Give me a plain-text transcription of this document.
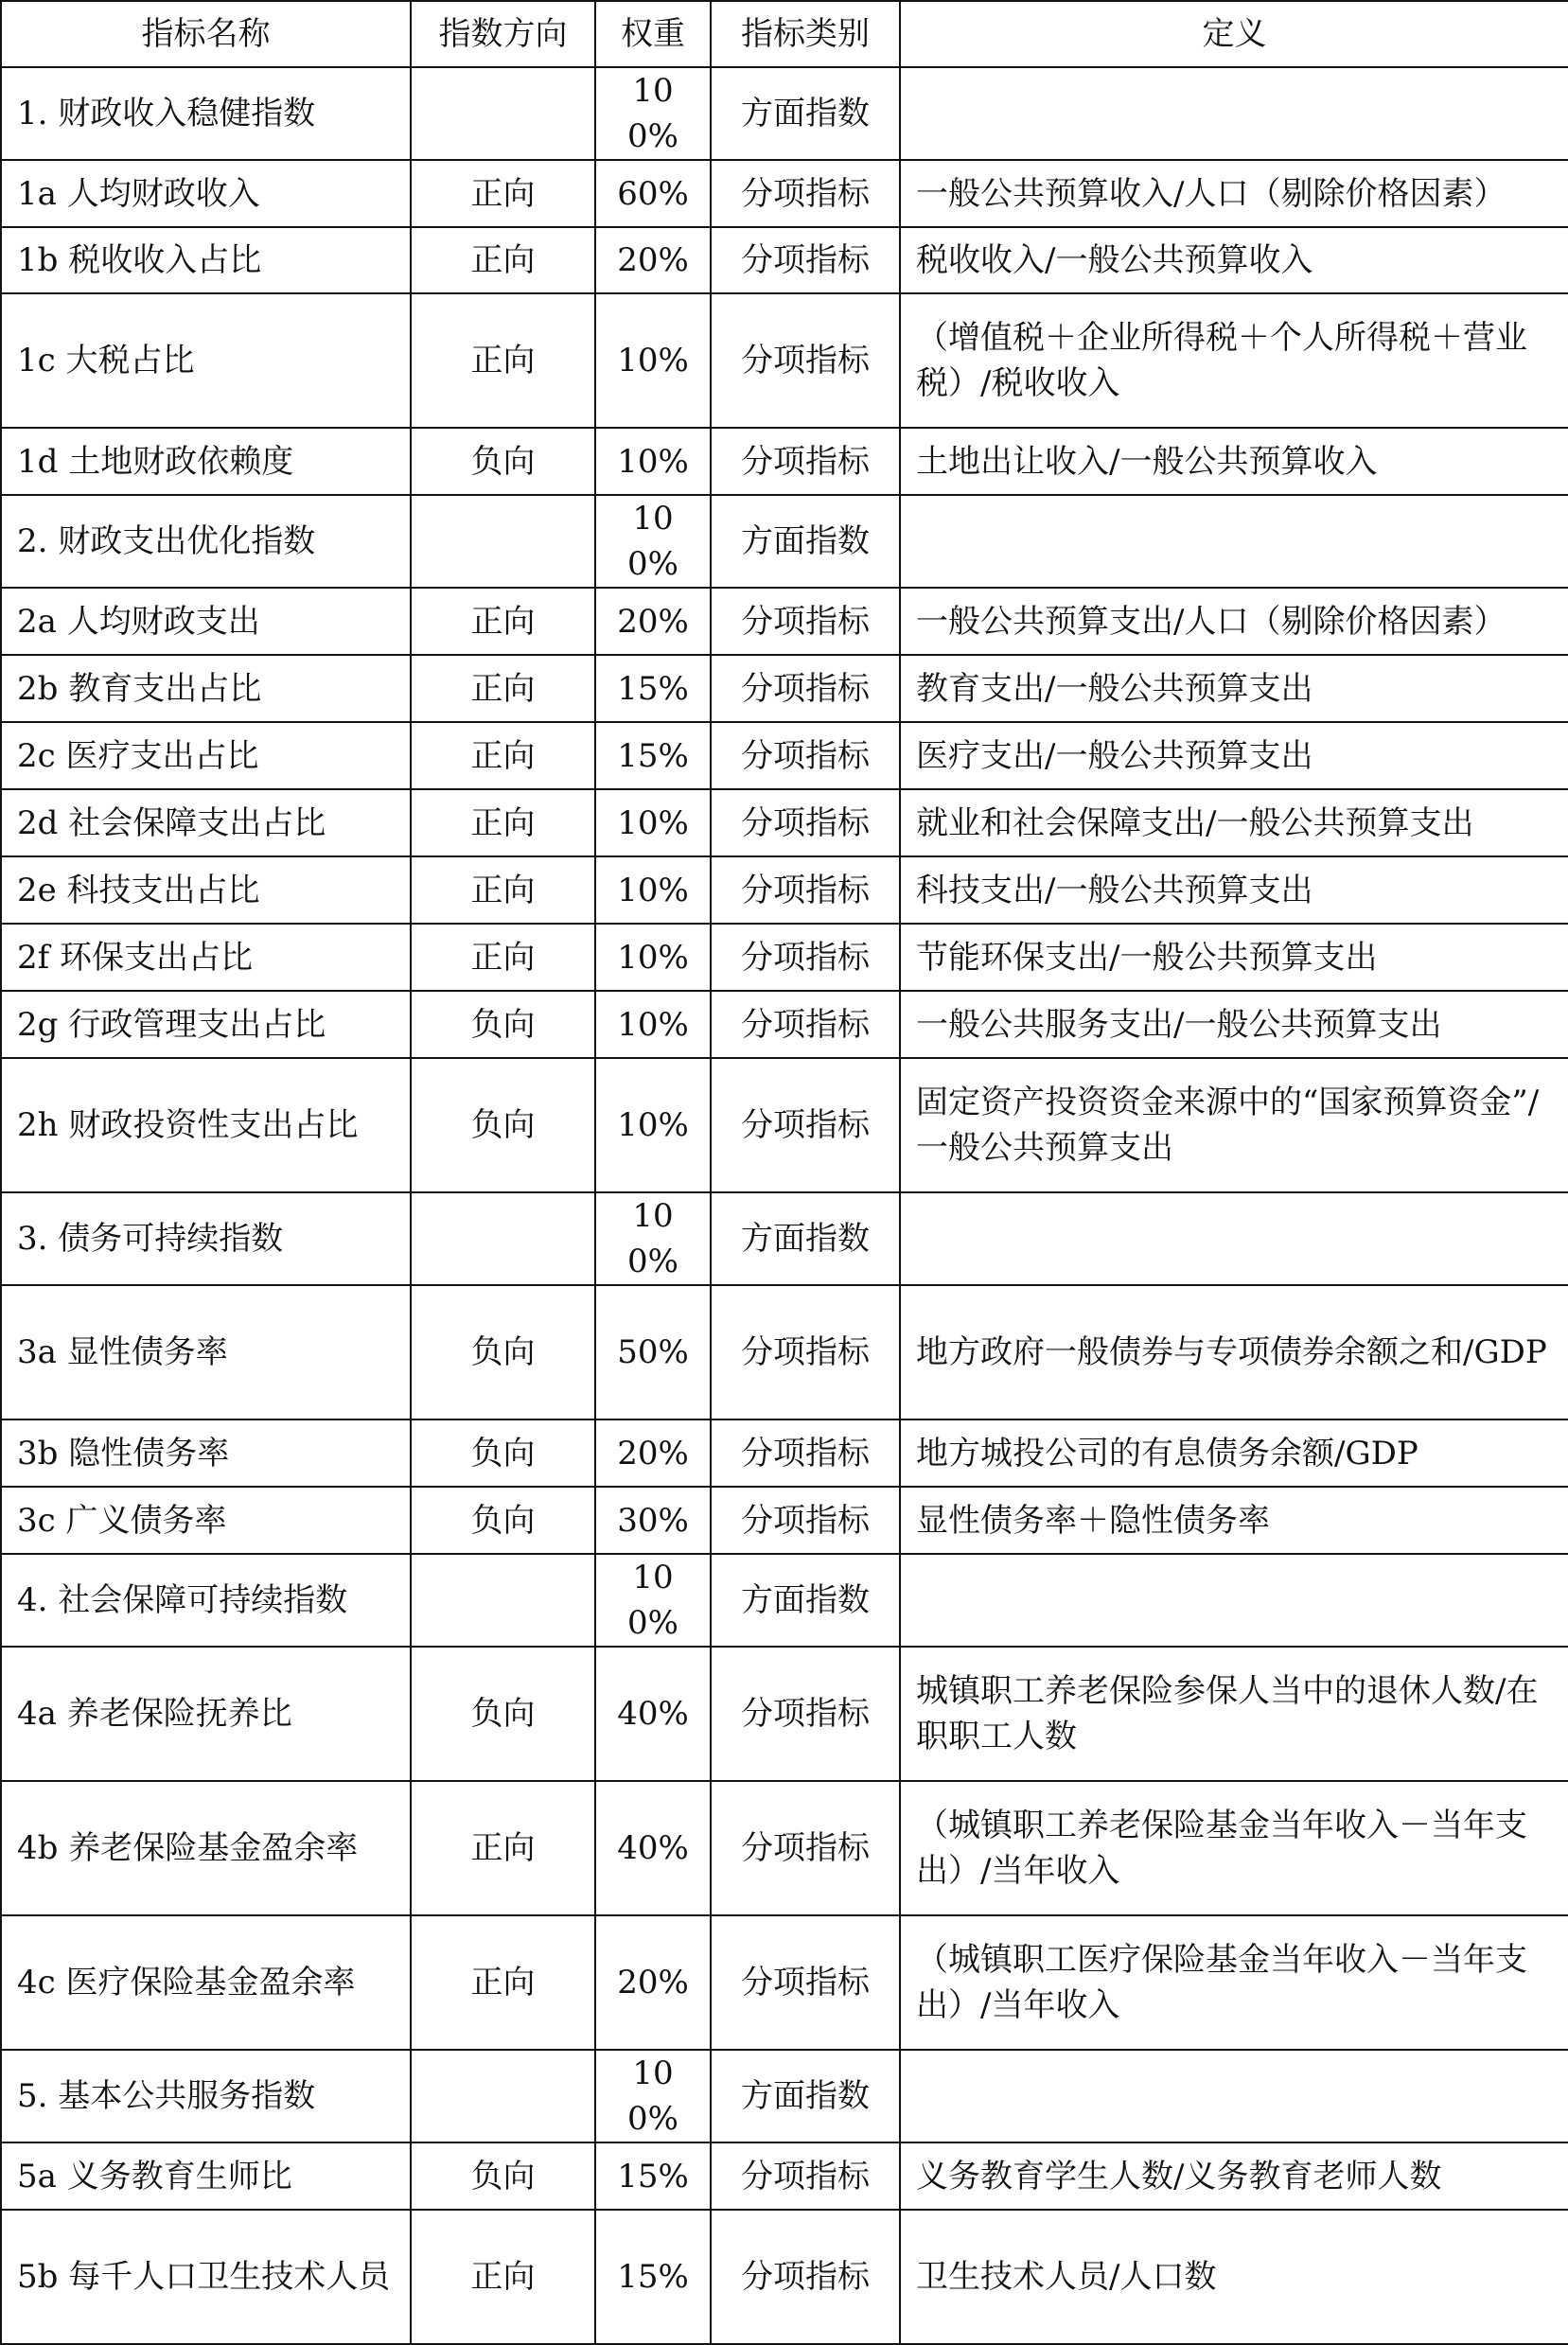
指标名称	指数方向	权重	指标类别	定义
1. 财政收入稳健指数		100%	方面指数	
1a 人均财政收入	正向	60%	分项指标	一般公共预算收入/人口（剔除价格因素）
1b 税收收入占比	正向	20%	分项指标	税收收入/一般公共预算收入
1c 大税占比	正向	10%	分项指标	（增值税＋企业所得税＋个人所得税＋营业税）/税收收入
1d 土地财政依赖度	负向	10%	分项指标	土地出让收入/一般公共预算收入
2. 财政支出优化指数		100%	方面指数	
2a 人均财政支出	正向	20%	分项指标	一般公共预算支出/人口（剔除价格因素）
2b 教育支出占比	正向	15%	分项指标	教育支出/一般公共预算支出
2c 医疗支出占比	正向	15%	分项指标	医疗支出/一般公共预算支出
2d 社会保障支出占比	正向	10%	分项指标	就业和社会保障支出/一般公共预算支出
2e 科技支出占比	正向	10%	分项指标	科技支出/一般公共预算支出
2f 环保支出占比	正向	10%	分项指标	节能环保支出/一般公共预算支出
2g 行政管理支出占比	负向	10%	分项指标	一般公共服务支出/一般公共预算支出
2h 财政投资性支出占比	负向	10%	分项指标	固定资产投资资金来源中的“国家预算资金”/一般公共预算支出
3. 债务可持续指数		100%	方面指数	
3a 显性债务率	负向	50%	分项指标	地方政府一般债券与专项债券余额之和/GDP
3b 隐性债务率	负向	20%	分项指标	地方城投公司的有息债务余额/GDP
3c 广义债务率	负向	30%	分项指标	显性债务率＋隐性债务率
4. 社会保障可持续指数		100%	方面指数	
4a 养老保险抚养比	负向	40%	分项指标	城镇职工养老保险参保人当中的退休人数/在职职工人数
4b 养老保险基金盈余率	正向	40%	分项指标	（城镇职工养老保险基金当年收入－当年支出）/当年收入
4c 医疗保险基金盈余率	正向	20%	分项指标	（城镇职工医疗保险基金当年收入－当年支出）/当年收入
5. 基本公共服务指数		100%	方面指数	
5a 义务教育生师比	负向	15%	分项指标	义务教育学生人数/义务教育老师人数
5b 每千人口卫生技术人员	正向	15%	分项指标	卫生技术人员/人口数
